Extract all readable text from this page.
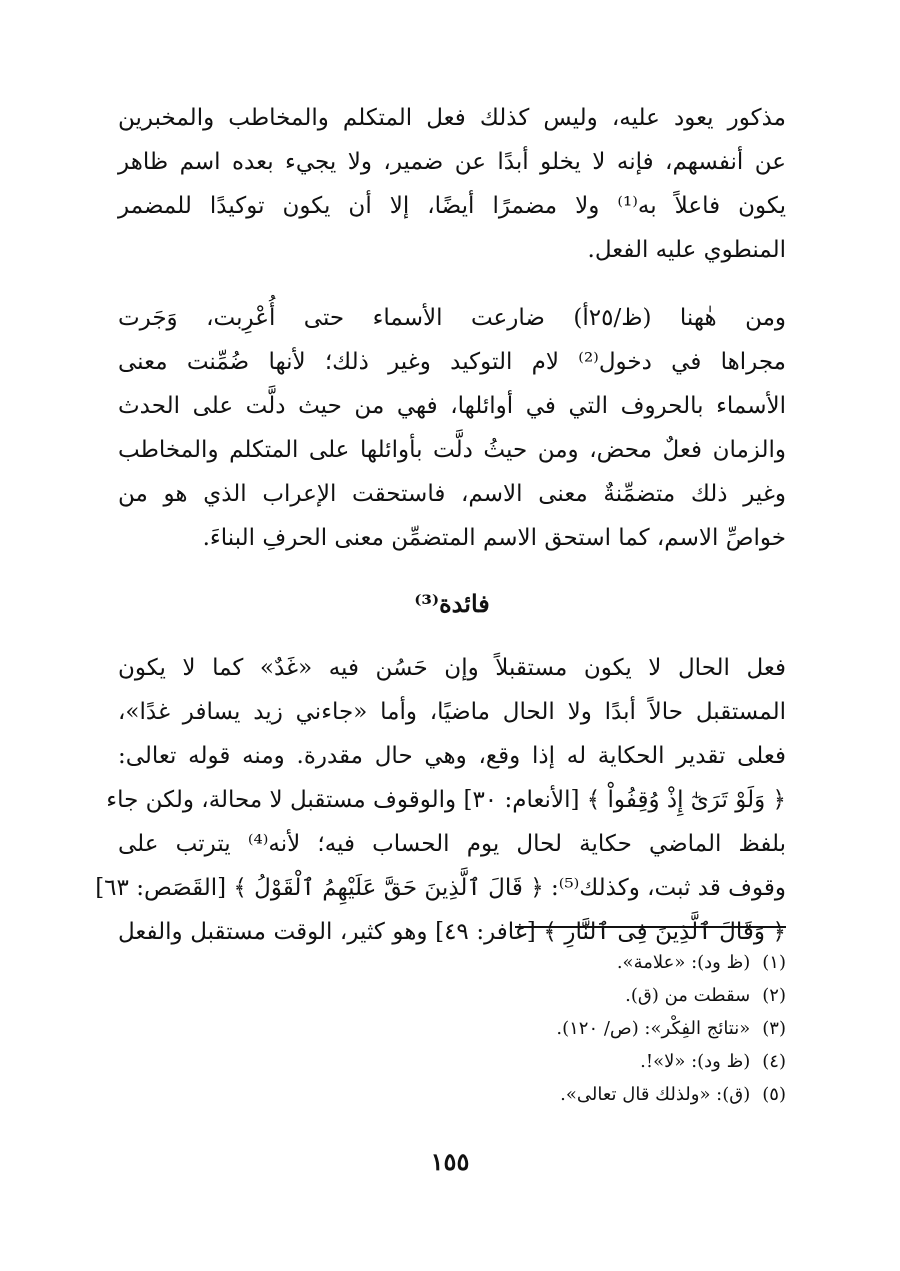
مذكور يعود عليه، وليس كذلك فعل المتكلم والمخاطب والمخبرين
عن أنفسهم، فإنه لا يخلو أبدًا عن ضمير، ولا يجيء بعده اسم ظاهر
يكون فاعلاً به⁽¹⁾ ولا مضمرًا أيضًا، إلا أن يكون توكيدًا للمضمر
المنطوي عليه الفعل.
ومن هٰهنا (ظ/٢٥أ) ضارعت الأسماء حتى أُعْرِبت، وَجَرت
مجراها في دخول⁽²⁾ لام التوكيد وغير ذلك؛ لأنها ضُمِّنت معنى
الأسماء بالحروف التي في أوائلها، فهي من حيث دلَّت على الحدث
والزمان فعلٌ محض، ومن حيثُ دلَّت بأوائلها على المتكلم والمخاطب
وغير ذلك متضمِّنةٌ معنى الاسم، فاستحقت الإعراب الذي هو من
خواصِّ الاسم، كما استحق الاسم المتضمِّن معنى الحرفِ البناءَ.
فائدة⁽³⁾
فعل الحال لا يكون مستقبلاً وإن حَسُن فيه «غَدٌ» كما لا يكون
المستقبل حالاً أبدًا ولا الحال ماضيًا، وأما «جاءني زيد يسافر غدًا»،
فعلى تقدير الحكاية له إذا وقع، وهي حال مقدرة. ومنه قوله تعالى:
﴿ وَلَوْ تَرَىٰٓ إِذْ وُقِفُواْ ﴾ [الأنعام: ٣٠] والوقوف مستقبل لا محالة، ولكن جاء
بلفظ الماضي حكاية لحال يوم الحساب فيه؛ لأنه⁽⁴⁾ يترتب على
وقوف قد ثبت، وكذلك⁽⁵⁾: ﴿ قَالَ ٱلَّذِينَ حَقَّ عَلَيْهِمُ ٱلْقَوْلُ ﴾ [القَصَص: ٦٣]
﴿ وَقَالَ ٱلَّذِينَ فِى ٱلنَّارِ ﴾ [غافر: ٤٩] وهو كثير، الوقت مستقبل والفعل
(١)(ظ ود): «علامة».
(٢)سقطت من (ق).
(٣)«نتائج الفِكْر»: (ص/ ١٢٠).
(٤)(ظ ود): «لا»!.
(٥)(ق): «ولذلك قال تعالى».
١٥٥
